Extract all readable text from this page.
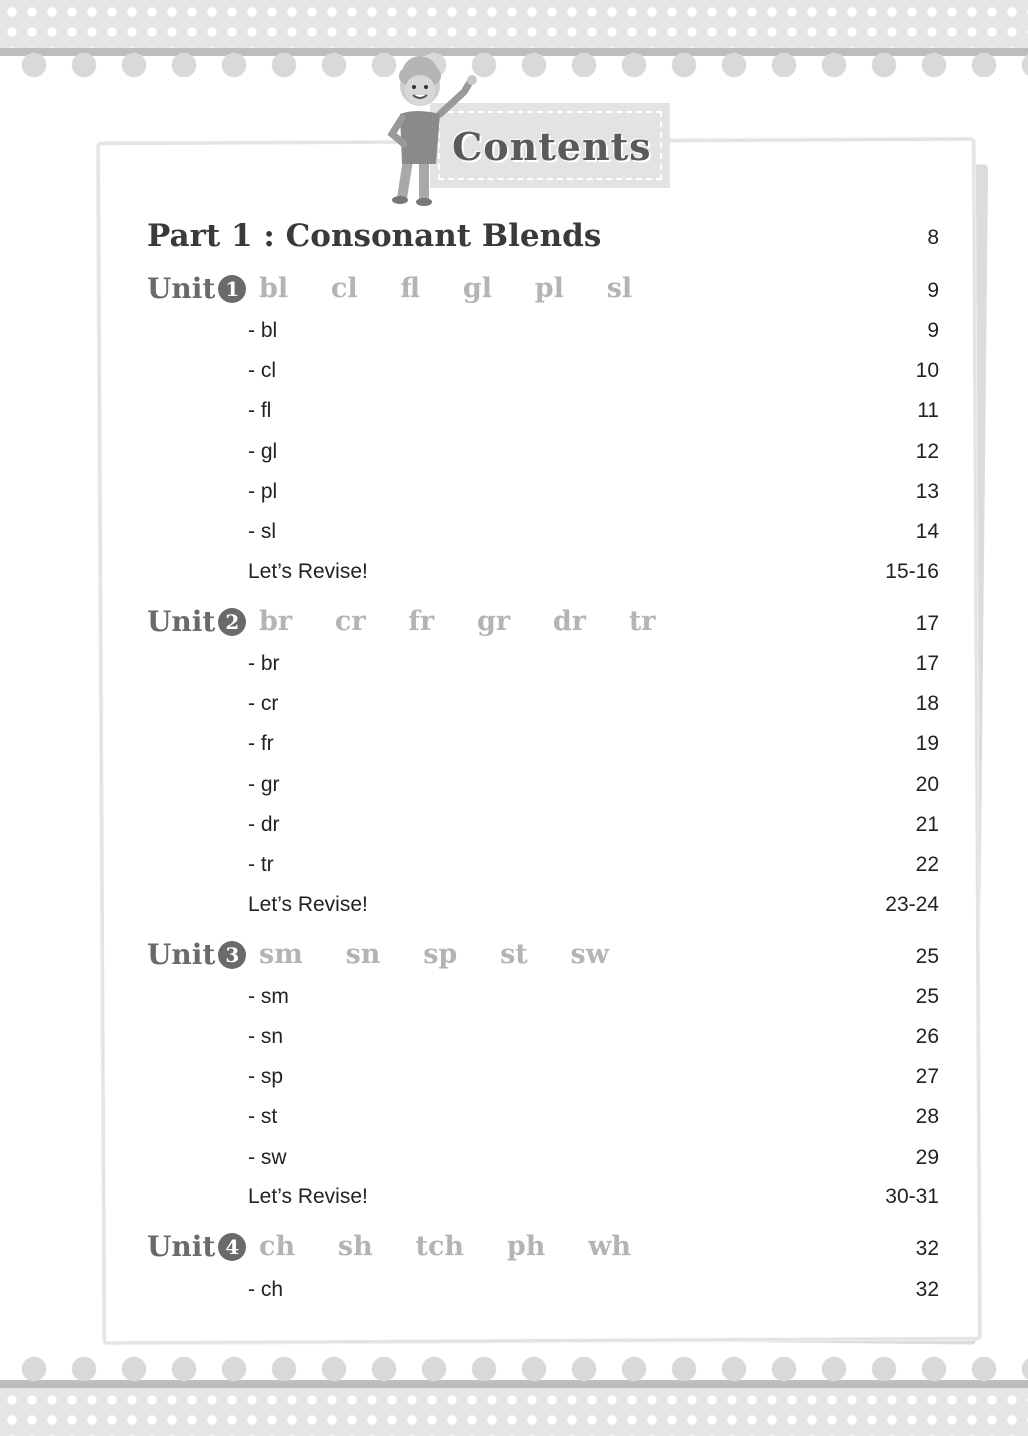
Contents
Part 1 : Consonant Blends	8
Unit 1 bl  cl  fl  gl  pl  sl	9
- bl	9
- cl	10
- fl	11
- gl	12
- pl	13
- sl	14
Let’s Revise!	15-16
Unit 2 br  cr  fr  gr  dr  tr	17
- br	17
- cr	18
- fr	19
- gr	20
- dr	21
- tr	22
Let’s Revise!	23-24
Unit 3 sm  sn  sp  st  sw	25
- sm	25
- sn	26
- sp	27
- st	28
- sw	29
Let’s Revise!	30-31
Unit 4 ch  sh  tch  ph  wh	32
- ch	32
